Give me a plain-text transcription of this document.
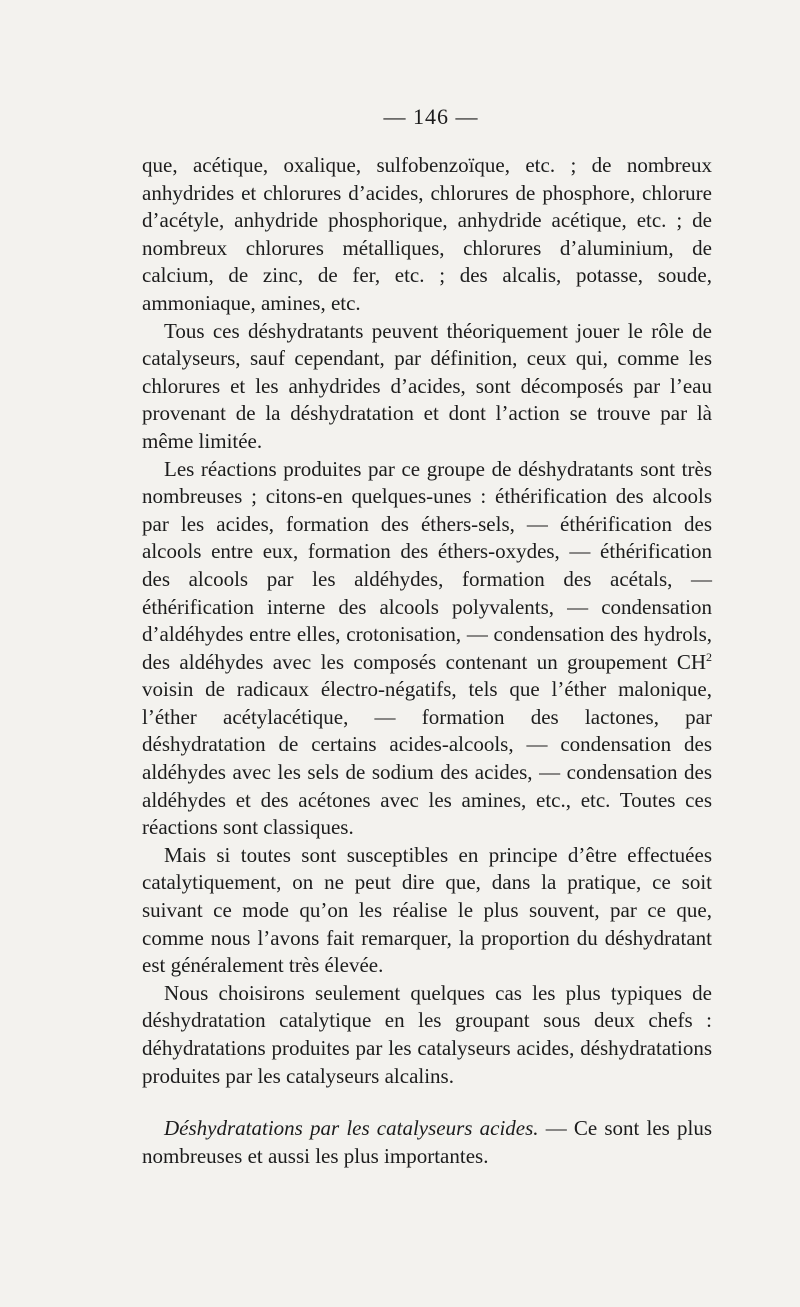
— 146 —

que, acétique, oxalique, sulfobenzoïque, etc. ; de nombreux anhydrides et chlorures d’acides, chlorures de phosphore, chlorure d’acétyle, anhydride phosphorique, anhydride acétique, etc. ; de nombreux chlorures métalliques, chlorures d’aluminium, de calcium, de zinc, de fer, etc. ; des alcalis, potasse, soude, ammoniaque, amines, etc.

Tous ces déshydratants peuvent théoriquement jouer le rôle de catalyseurs, sauf cependant, par définition, ceux qui, comme les chlorures et les anhydrides d’acides, sont décomposés par l’eau provenant de la déshydratation et dont l’action se trouve par là même limitée.

Les réactions produites par ce groupe de déshydratants sont très nombreuses ; citons-en quelques-unes : éthérification des alcools par les acides, formation des éthers-sels, — éthérification des alcools entre eux, formation des éthers-oxydes, — éthérification des alcools par les aldéhydes, formation des acétals, — éthérification interne des alcools polyvalents, — condensation d’aldéhydes entre elles, crotonisation, — condensation des hydrols, des aldéhydes avec les composés contenant un groupement $CH^2$ voisin de radicaux électro-négatifs, tels que l’éther malonique, l’éther acétylacétique, — formation des lactones, par déshydratation de certains acides-alcools, — condensation des aldéhydes avec les sels de sodium des acides, — condensation des aldéhydes et des acétones avec les amines, etc., etc. Toutes ces réactions sont classiques.

Mais si toutes sont susceptibles en principe d’être effectuées catalytiquement, on ne peut dire que, dans la pratique, ce soit suivant ce mode qu’on les réalise le plus souvent, par ce que, comme nous l’avons fait remarquer, la proportion du déshydratant est généralement très élevée.

Nous choisirons seulement quelques cas les plus typiques de déshydratation catalytique en les groupant sous deux chefs : déhydratations produites par les catalyseurs acides, déshydratations produites par les catalyseurs alcalins.

Déshydratations par les catalyseurs acides. — Ce sont les plus nombreuses et aussi les plus importantes.
